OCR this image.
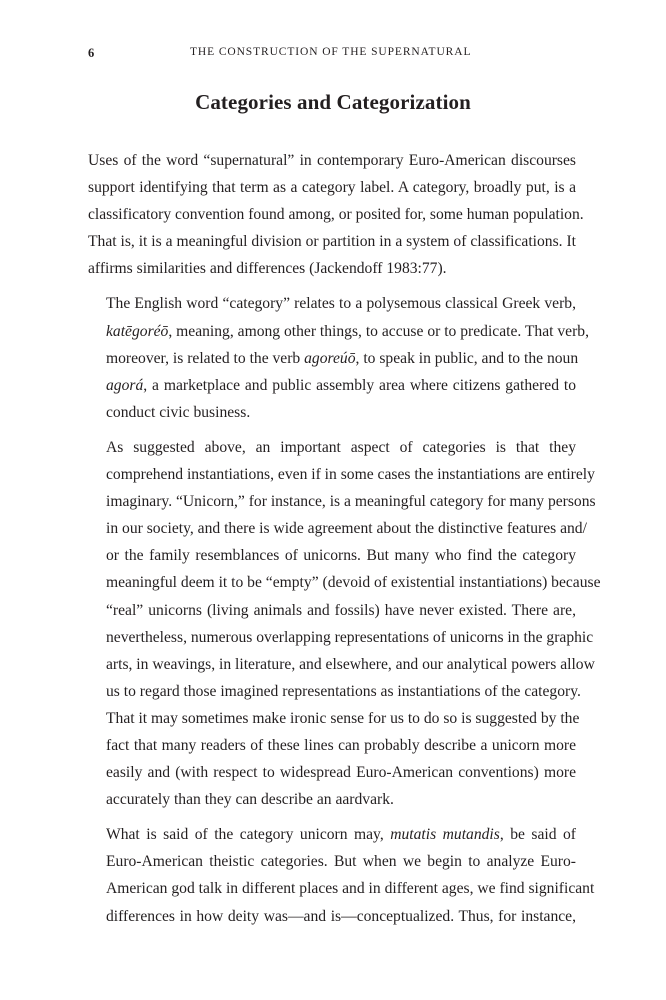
6	THE CONSTRUCTION OF THE SUPERNATURAL
Categories and Categorization

Uses of the word “supernatural” in contemporary Euro-American discourses
support identifying that term as a category label. A category, broadly put, is a
classificatory convention found among, or posited for, some human population.
That is, it is a meaningful division or partition in a system of classifications. It
affirms similarities and differences (Jackendoff 1983:77).

The English word “category” relates to a polysemous classical Greek verb,
katēgoréō, meaning, among other things, to accuse or to predicate. That verb,
moreover, is related to the verb agoreúō, to speak in public, and to the noun
agorá, a marketplace and public assembly area where citizens gathered to
conduct civic business.

As suggested above, an important aspect of categories is that they
comprehend instantiations, even if in some cases the instantiations are entirely
imaginary. “Unicorn,” for instance, is a meaningful category for many persons
in our society, and there is wide agreement about the distinctive features and/
or the family resemblances of unicorns. But many who find the category
meaningful deem it to be “empty” (devoid of existential instantiations) because
“real” unicorns (living animals and fossils) have never existed. There are,
nevertheless, numerous overlapping representations of unicorns in the graphic
arts, in weavings, in literature, and elsewhere, and our analytical powers allow
us to regard those imagined representations as instantiations of the category.
That it may sometimes make ironic sense for us to do so is suggested by the
fact that many readers of these lines can probably describe a unicorn more
easily and (with respect to widespread Euro-American conventions) more
accurately than they can describe an aardvark.

What is said of the category unicorn may, mutatis mutandis, be said of
Euro-American theistic categories. But when we begin to analyze Euro-
American god talk in different places and in different ages, we find significant
differences in how deity was—and is—conceptualized. Thus, for instance,
